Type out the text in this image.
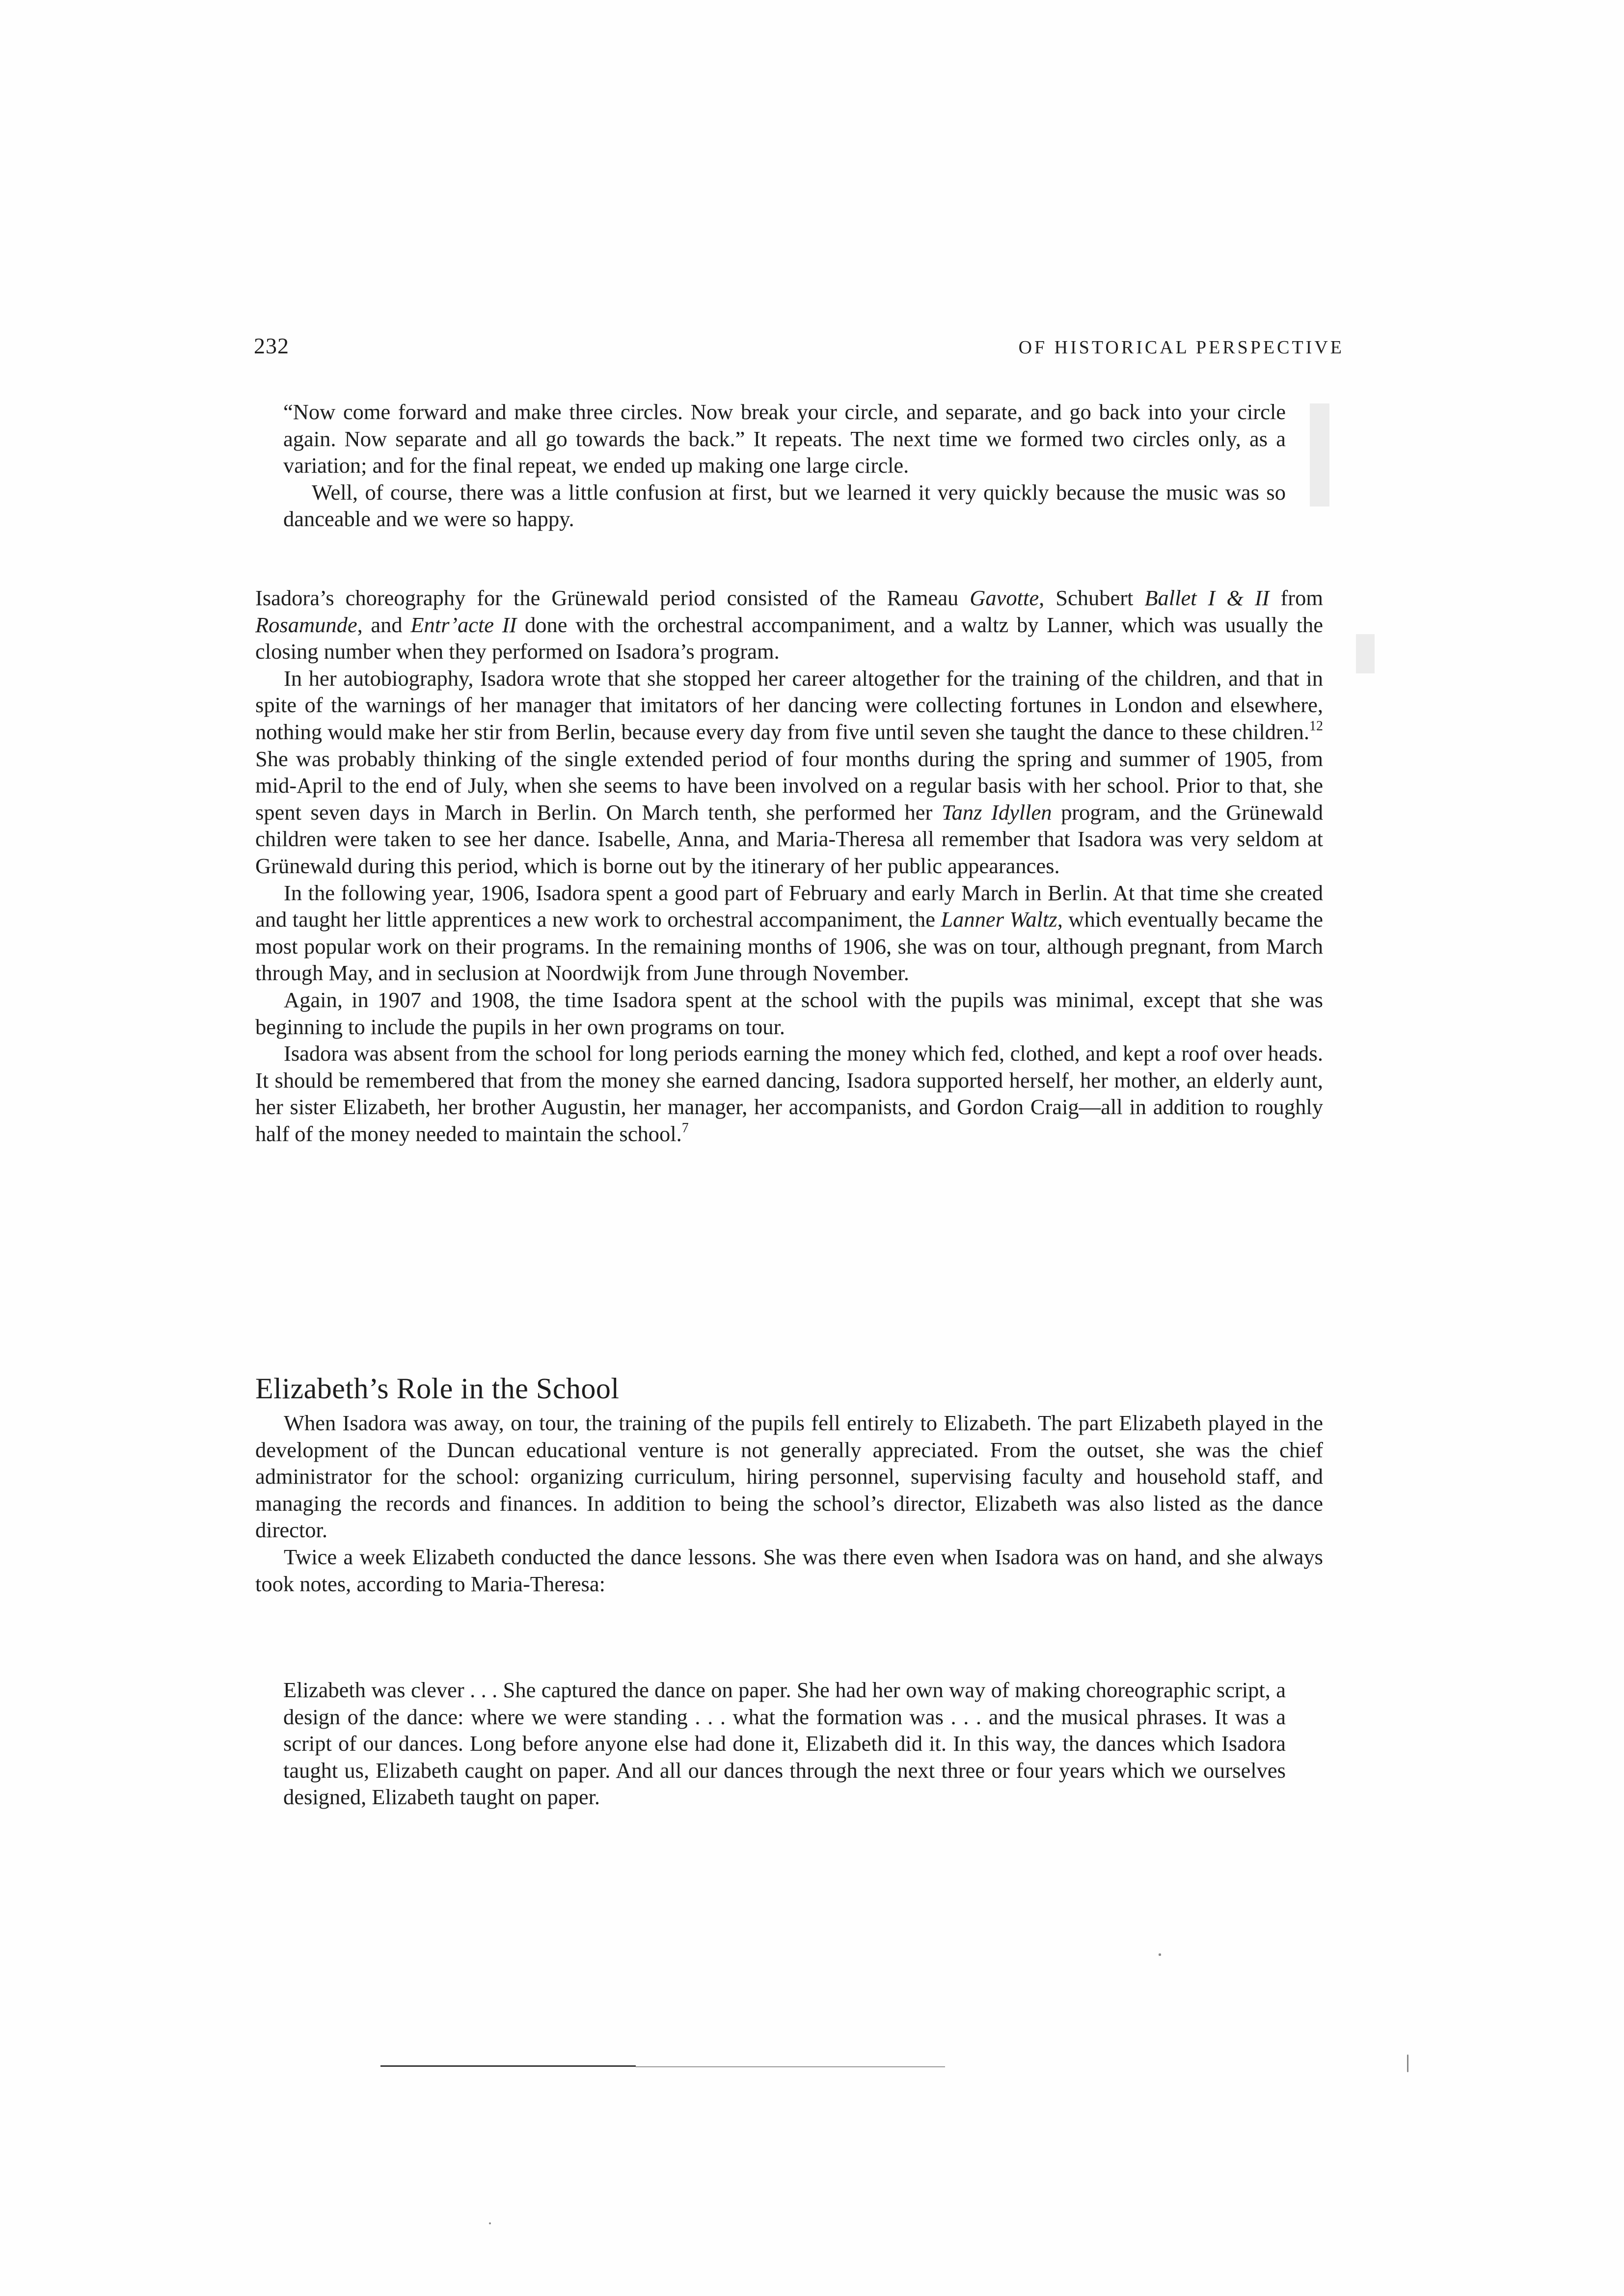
232	OF HISTORICAL PERSPECTIVE

“Now come forward and make three circles. Now break your circle, and separate, and go back into your circle again. Now separate and all go towards the back.” It repeats. The next time we formed two circles only, as a variation; and for the final repeat, we ended up making one large circle.

Well, of course, there was a little confusion at first, but we learned it very quickly because the music was so danceable and we were so happy.

Isadora’s choreography for the Grünewald period consisted of the Rameau Gavotte, Schubert Ballet I & II from Rosamunde, and Entr’acte II done with the orchestral accompaniment, and a waltz by Lanner, which was usually the closing number when they performed on Isadora’s program.

In her autobiography, Isadora wrote that she stopped her career altogether for the training of the children, and that in spite of the warnings of her manager that imitators of her dancing were collecting fortunes in London and elsewhere, nothing would make her stir from Berlin, because every day from five until seven she taught the dance to these children.$^{12}$ She was probably thinking of the single extended period of four months during the spring and summer of 1905, from mid-April to the end of July, when she seems to have been involved on a regular basis with her school. Prior to that, she spent seven days in March in Berlin. On March tenth, she performed her Tanz Idyllen program, and the Grünewald children were taken to see her dance. Isabelle, Anna, and Maria-Theresa all remember that Isadora was very seldom at Grünewald during this period, which is borne out by the itinerary of her public appearances.

In the following year, 1906, Isadora spent a good part of February and early March in Berlin. At that time she created and taught her little apprentices a new work to orchestral accompaniment, the Lanner Waltz, which eventually became the most popular work on their programs. In the remaining months of 1906, she was on tour, although pregnant, from March through May, and in seclusion at Noordwijk from June through November.

Again, in 1907 and 1908, the time Isadora spent at the school with the pupils was minimal, except that she was beginning to include the pupils in her own programs on tour.

Isadora was absent from the school for long periods earning the money which fed, clothed, and kept a roof over heads. It should be remembered that from the money she earned dancing, Isadora supported herself, her mother, an elderly aunt, her sister Elizabeth, her brother Augustin, her manager, her accompanists, and Gordon Craig—all in addition to roughly half of the money needed to maintain the school.$^7$

Elizabeth’s Role in the School

When Isadora was away, on tour, the training of the pupils fell entirely to Elizabeth. The part Elizabeth played in the development of the Duncan educational venture is not generally appreciated. From the outset, she was the chief administrator for the school: organizing curriculum, hiring personnel, supervising faculty and household staff, and managing the records and finances. In addition to being the school’s director, Elizabeth was also listed as the dance director.

Twice a week Elizabeth conducted the dance lessons. She was there even when Isadora was on hand, and she always took notes, according to Maria-Theresa:

Elizabeth was clever . . . She captured the dance on paper. She had her own way of making choreographic script, a design of the dance: where we were standing . . . what the formation was . . . and the musical phrases. It was a script of our dances. Long before anyone else had done it, Elizabeth did it. In this way, the dances which Isadora taught us, Elizabeth caught on paper. And all our dances through the next three or four years which we ourselves designed, Elizabeth taught on paper.
